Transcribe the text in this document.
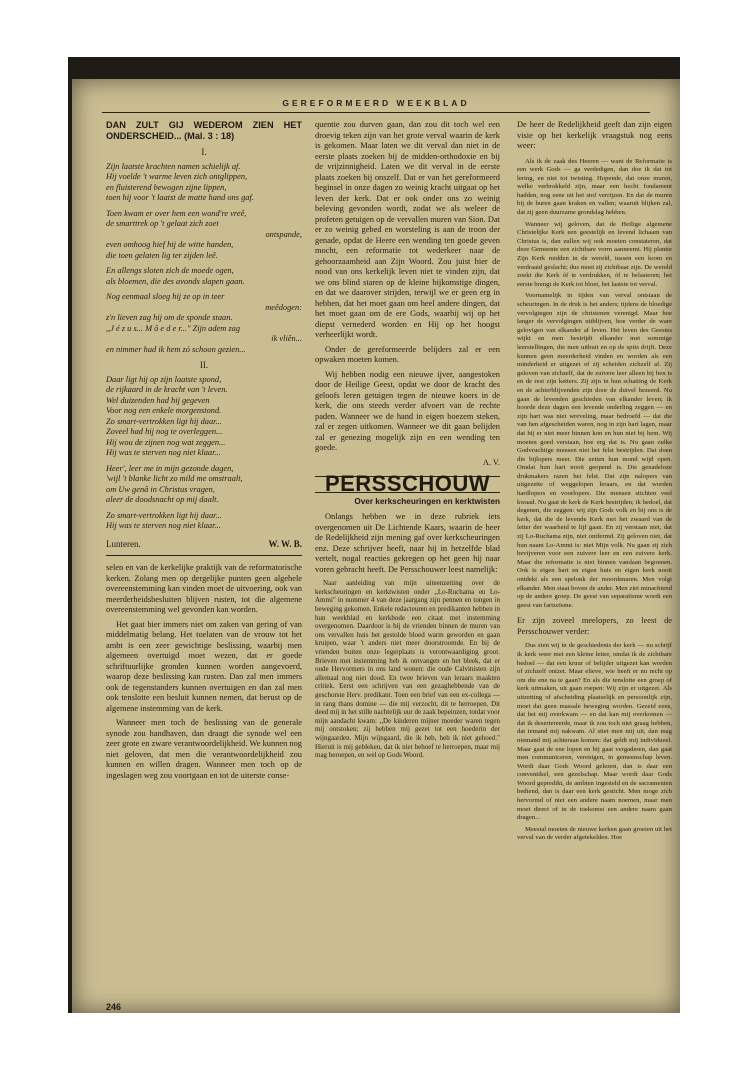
GEREFORMEERD WEEKBLAD
DAN ZULT GIJ WEDEROM ZIEN HET ONDERSCHEID... (Mal. 3 : 18)
I.

Zijn laatste krachten namen schielijk af.
Hij voelde 't warme leven zich ontglippen,
en fluisterend bewogen zijne lippen,
toen hij voor 't laatst de matte hand ons gaf.

Toen kwam er over hem een wond're vreê,
de smarttrek op 't gelaat zich zoet
ontspande,
even omhoog hief hij de witte handen,
die toen gelaten lig ter zijden leê.

En allengs sloten zich de moede ogen,
als bloemen, die des avonds slapen gaan.

Nog eenmaal sloeg hij ze op in teer
meêdogen:
z'n lieven zag hij om de sponde staan.
,,J é z u s... M ô e d e r..." Zijn adem zag
ik vliên...
en nimmer had ik hem zó schoon gezien...

II.

Daar ligt hij op zijn laatste spond,
de rijkaard in de kracht van 't leven.
Wel duizenden had hij gegeven
Voor nog een enkele morgenstond.
Zo smart-vertrokken ligt hij daar...
Zoveel had hij nog te overleggen...
Hij wou de zijnen nog wat zeggen...
Hij was te sterven nog niet klaar...

Heer', leer me in mijn gezonde dagen,
'wijl 't blanke licht zo mild me omstraalt,
om Uw genâ in Christus vragen,
aleer de doodsnacht op mij daalt.

Zo smart-vertrokken ligt hij daar...
Hij was te sterven nog niet klaar...

Lunteren.	W. W. B.

selen en van de kerkelijke praktijk van de reformatorische kerken. Zolang men op dergelijke punten geen algehele overeenstemming kan vinden moet de uitvoering, ook van meerderheidsbesluiten blijven rusten, tot die algemene overeenstemming wel gevonden kan worden.

Het gaat hier immers niet om zaken van gering of van middelmatig belang. Het toelaten van de vrouw tot het ambt is een zeer gewichtige beslissing, waarbij men algemeen overtuigd moet wezen, dat er goede schriftuurlijke gronden kunnen worden aangevoerd, waarop deze beslissing kan rusten. Dan zal men immers ook de tegenstanders kunnen overtuigen en dan zal men ook tenslotte een besluit kunnen nemen, dat berust op de algemene instemming van de kerk.

Wanneer men toch de beslissing van de generale synode zou handhaven, dan draagt die synode wel een zeer grote en zware verantwoordelijkheid. We kunnen nog niet geloven, dat men die verantwoordelijkheid zou kunnen en willen dragen. Wanneer men toch op de ingeslagen weg zou voortgaan en tot de uiterste conse-

quentie zou durven gaan, dan zou dit toch wel een droevig teken zijn van het grote verval waarin de kerk is gekomen. Maar laten we dit verval dan niet in de eerste plaats zoeken bij de midden-orthodoxie en bij de vrijzinnigheid. Laten we dit verval in de eerste plaats zoeken bij onszelf. Dat er van het gereformeerd beginsel in onze dagen zo weinig kracht uitgaat op het leven der kerk. Dat er ook onder ons zo weinig beleving gevonden wordt, zodat we als weleer de profeten getuigen op de vervallen muren van Sion. Dat er zo weinig gebed en worsteling is aan de troon der genade, opdat de Heere een wending ten goede geven mocht, een reformatie tot wederkeer naar de gehoorzaamheid aan Zijn Woord. Zou juist hier de nood van ons kerkelijk leven niet te vinden zijn, dat we ons blind staren op de kleine bijkomstige dingen, en dat we daarover strijden, terwijl we er geen erg in hebben, dat het moet gaan om heel andere dingen, dat het moet gaan om de ere Gods, waarbij wij op het diepst vernederd worden en Hij op het hoogst verheerlijkt wordt.

Onder de gereformeerde belijders zal er een opwaken moeten komen.

Wij hebben nodig een nieuwe ijver, aangestoken door de Heilige Geest, opdat we door de kracht des geloofs leren getuigen tegen de nieuwe koers in de kerk, die ons steeds verder afvoert van de rechte paden. Wanneer we de hand in eigen boezem steken, zal er zegen uitkomen. Wanneer we dit gaan belijden zal er genezing mogelijk zijn en een wending ten goede.

A. V.
PERSSCHOUW
Over kerkscheuringen en kerktwisten

Onlangs hebben we in deze rubriek iets overgenomen uit De Lichtende Kaars, waarin de heer de Redelijkheid zijn mening gaf over kerkscheuringen enz. Deze schrijver heeft, naar hij in hetzelfde blad vertelt, nogal reacties gekregen op het geen hij naar voren gebracht heeft. De Persschouwer leest namelijk:

Naar aanleiding van mijn uiteenzetting over de kerkscheuringen en kerktwisten onder ,,Lo-Ruchama en Lo-Ammi" in nummer 4 van deze jaargang zijn pennen en tongen in beweging gekomen. Enkele redacteuren en predikanten hebben in hun weekblad en kerkbode een citaat met instemming overgenomen. Daardoor is bij de vrienden binnen de muren van ons vervallen huis het gestolde bloed warm geworden en gaan kruipen, waar 't anders niet meer doorstroomde. En bij de vrienden buiten onze legerplaats is verontwaardiging groot. Brieven met instemming heb ik ontvangen en het bleek, dat er oude Hervormers in ons land wonen: die oude Calvinisten zijn allemaal nog niet dood. En twee brieven van leraars maakten critiek. Eerst een schrijven van een gezaghebbende van de geschorste Herv. predikant. Toen een brief van een ex-collega — in rang thans domine — die mij verzocht, dit te herroepen. Dit deed mij in het stille nachtelijk uur de zaak bepeinzen, totdat voor mijn aandacht kwam: ,,De kinderen mijner moeder waren tegen mij ontstoken; zij hebben mij gezet tot een hoederin der wijngaarden. Mijn wijngaard, die ik heb, heb ik niet gehoed." Hieruit is mij gebleken, dat ik niet behoef te herroepen, maar mij mag beroepen, en wel op Gods Woord.

De heer de Redelijkheid geeft dan zijn eigen visie op het kerkelijk vraagstuk nog eens weer:

Als ik de zaak des Heeren — want de Reformatie is een werk Gods — ga verdedigen, dan doe ik dat tot lering, en niet tot twisting. Hopende, dat onze muren, welke verbrokkeld zijn, maar een hecht fondament hadden, nog eens uit het stof verrijzen. En dat de muren bij de buren gaan kraken en vallen; waaruit blijken zal, dat zij geen duurzame grondslag hebben.

Wanneer wij geloven, dat de Heilige algemene Christelijke Kerk een geestelijk en levend lichaam van Christus is, dan zullen wij ook moeten constateren, dat deze Gemeente een zichtbare vorm aanneemt. Hij plantte Zijn Kerk midden in de wereld, tussen een krom en verdraaid geslacht; dus moet zij zichtbaar zijn. De wereld zoekt die Kerk óf te verdrukken, óf te belasteren; het eerste brengt de Kerk tot bloei, het laatste tot verval.

Voornamelijk in tijden van verval ontstaan de scheuringen. In de druk is het anders; tijdens de bloedige vervolgingen zijn de christenen verenigd. Maar hoe langer de vervolgingen uitblijven, hoe verder de ware gelovigen van elkander af leven. Het leven des Geestes wijkt en men bestrijdt elkander met sommige leerstellingen, die men uitbuit en op de spits drijft. Deze kunnen geen meerderheid vinden en worden als een minderheid er uitgezet of zij scheiden zichzelf af. Zij geloven van zichzelf, dat de zuivere leer alleen bij hen is en de rest zijn ketters. Zij zijn in hun schatting de Kerk en de achterblijvenden zijn door de duivel bezeerd. Nu gaan de levenden geschieden van elkander leven; ik hoorde deze dagen een levende onderling zeggen — en zijn hart was niet wreveling, maar bedroefd — dat die van hen afgescheiden waren, nog in zijn hart lagen, maar dat hij er niet meer binnen kon en hun niet bij hem. Wij moeten goed verstaan, hoe erg dat is. Nu gaan zulke Godvruchtige mensen niet het felst bestrijden. Dat doen die bijlopers meer. Die zetten hun mond wijd open. Omdat hun hart nooit geopend is. Die genadeloze drukmakers razen het felst. Dat zijn nalopers van uitgezette of weggelopen leraars, en dat worden hardlopers en voorlopers. Die mensen stichten veel kwaad. Nu gaat de kerk de Kerk bestrijden; ik bedoel, dat degenen, die zeggen: wij zijn Gods volk en bij ons is de kerk, dat die de levende Kerk met het zwaard van de letter der waarheid te lijf gaan. En zij verstaan niet, dat zij Lo-Ruchama zijn, niet ontfermd. Zij geloven niet, dat hun naam Lo-Ammi is: niet Mijn volk. Nu gaan zij zich bevijveren voor een zuivere leer en een zuivere kerk. Maar die reformatie is niet binnen vandaan begonnen. Ook is eigen hart en eigen huis en eigen kerk nooit ontdekt als een spelonk der moordenaren. Men volgt elkander. Men staat boven de ander. Men ziet minachtend op de andere groep. De geest van separatisme wordt een geest van farizeïsme.

Er zijn zoveel meelopers, zo leest de Persschouwer verder:

Dus zien wij in de geschiedenis der kerk — nu schrijf ik kerk weer met een kleine letter, omdat ik de zichtbare bedoel — dat een kruur of belijder uitgezet kan worden of zichzelf ontzet. Maar elieve, wie heeft er nu recht op om die ene na te gaan? En als die tenslotte een groep of kerk uitmaken, uit gaan roepen: Wij zijn er uitgezet. Als uitzetting of afscheiding plaatselijk en persoonlijk zijn, moet dat geen massale beweging worden. Gezeid eens, dat het mij overkwam — en dat kan mij overkomen — dat ik desertereerde, maar ik zou toch niet graag hebben, dat iemand mij nakwam. Al stiet men mij uit, dan mag niemand mij achteraan komen: dat geldt mij individueel. Maar gaat de ene lopen en bij gaat vergaderen, dan gaat men communiceren, verenigen, in gemeenschap leven. Wordt daar Gods Woord gelezen, dan is daar een conventikel, een gezelschap. Maar wordt daar Gods Woord gepredikt, de ambten ingesteld en de sacramenten bediend, dan is daar een kerk gesticht. Men moge zich hervormd of niet een andere naam noemen, maar men moet direct of in de toekomst een andere naam gaan dragen...

Meestal moeten de nieuwe kerken gaan groeien uit het verval van de verder afgetekelden. Hoe

246
